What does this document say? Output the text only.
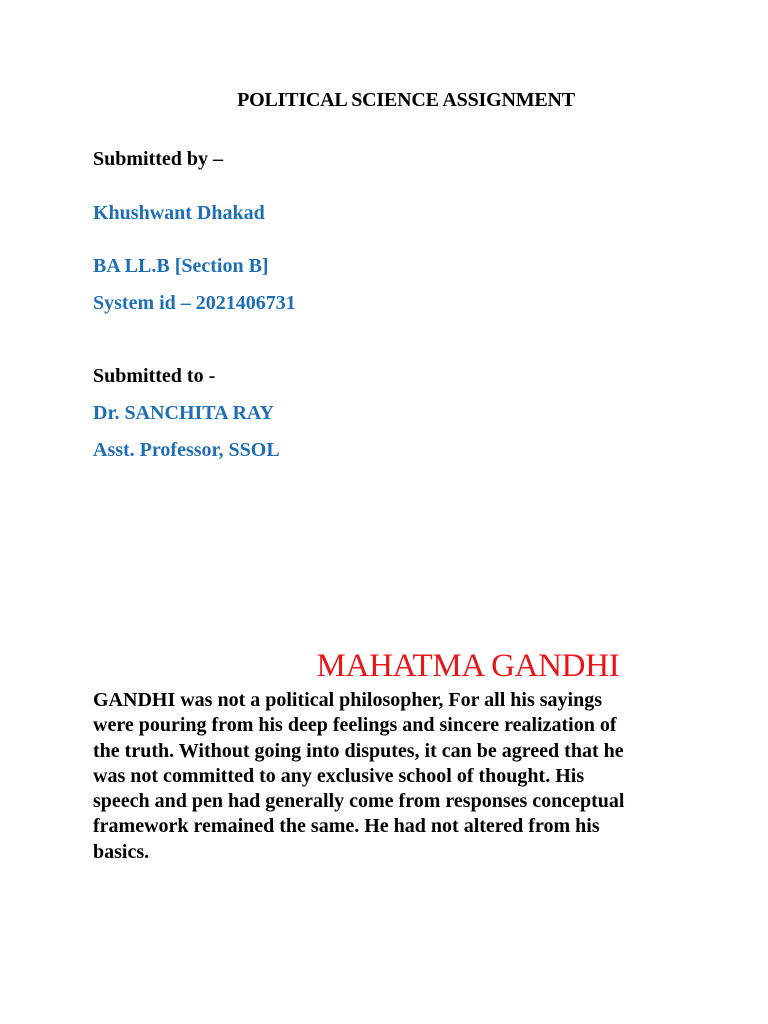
POLITICAL SCIENCE ASSIGNMENT
Submitted by –
Khushwant Dhakad
BA LL.B [Section B]
System id – 2021406731
Submitted to -
Dr. SANCHITA RAY
Asst. Professor, SSOL
MAHATMA GANDHI
GANDHI was not a political philosopher, For all his sayings
were pouring from his deep feelings and sincere realization of
the truth. Without going into disputes, it can be agreed that he
was not committed to any exclusive school of thought. His
speech and pen had generally come from responses conceptual
framework remained the same. He had not altered from his
basics.
